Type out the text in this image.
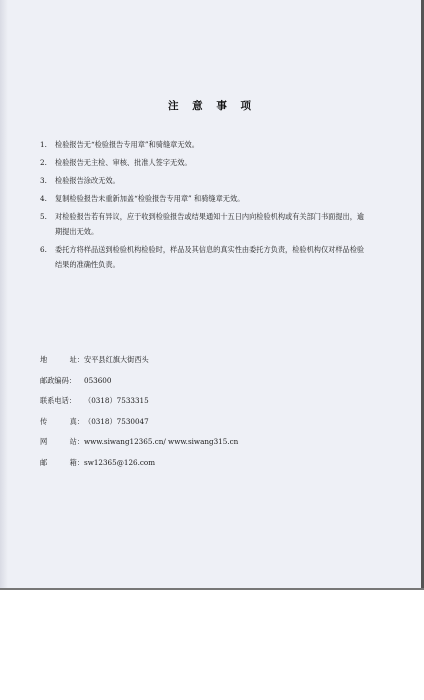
注 意 事 项
1. 检验报告无“检验报告专用章”和骑缝章无效。
2. 检验报告无主检、审核、批准人签字无效。
3. 检验报告涂改无效。
4. 复制检验报告未重新加盖“检验报告专用章” 和骑缝章无效。
5. 对检验报告若有异议，应于收到检验报告或结果通知十五日内向检验机构或有关部门书面提出，逾期提出无效。
6. 委托方将样品送到检验机构检验时，样品及其信息的真实性由委托方负责，检验机构仅对样品检验结果的准确性负责。
地	址： 安平县红旗大街西头
邮政编码：	053600
联系电话：	（0318）7533315
传	真： （0318）7530047
网	站： www.siwang12365.cn/ www.siwang315.cn
邮	箱： sw12365@126.com
